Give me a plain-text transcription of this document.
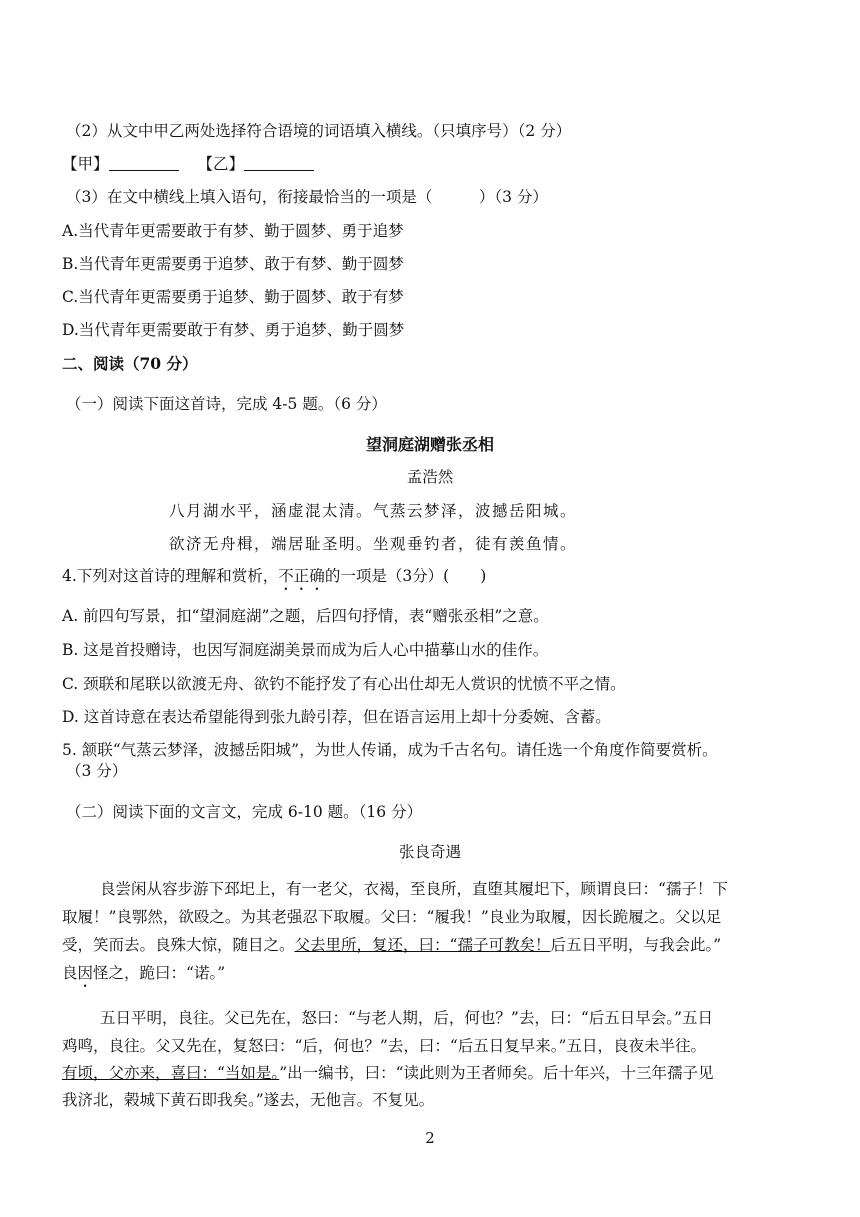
（2）从文中甲乙两处选择符合语境的词语填入横线。（只填序号）（2 分）
【甲】	【乙】
（3）在文中横线上填入语句，衔接最恰当的一项是（　　　）（3 分）
A.当代青年更需要敢于有梦、勤于圆梦、勇于追梦
B.当代青年更需要勇于追梦、敢于有梦、勤于圆梦
C.当代青年更需要勇于追梦、勤于圆梦、敢于有梦
D.当代青年更需要敢于有梦、勇于追梦、勤于圆梦
二、阅读（70 分）
（一）阅读下面这首诗，完成 4-5 题。（6 分）
望洞庭湖赠张丞相
孟浩然
八月湖水平，涵虚混太清。气蒸云梦泽，波撼岳阳城。
欲济无舟楫，端居耻圣明。坐观垂钓者，徒有羡鱼情。
4.下列对这首诗的理解和赏析，不正确的一项是（3分）(　　)
A. 前四句写景，扣“望洞庭湖”之题，后四句抒情，表“赠张丞相”之意。
B. 这是首投赠诗，也因写洞庭湖美景而成为后人心中描摹山水的佳作。
C. 颈联和尾联以欲渡无舟、欲钓不能抒发了有心出仕却无人赏识的忧愤不平之情。
D. 这首诗意在表达希望能得到张九龄引荐，但在语言运用上却十分委婉、含蓄。
5. 颔联“气蒸云梦泽，波撼岳阳城”，为世人传诵，成为千古名句。请任选一个角度作简要赏析。
（3 分）
（二）阅读下面的文言文，完成 6-10 题。（16 分）
张良奇遇
良尝闲从容步游下邳圯上，有一老父，衣褐，至良所，直堕其履圯下，顾谓良曰：“孺子！下
取履！”良鄂然，欲殴之。为其老强忍下取履。父曰：“履我！”良业为取履，因长跪履之。父以足
受，笑而去。良殊大惊，随目之。父去里所，复还，曰：“孺子可教矣！后五日平明，与我会此。”
良因怪之，跪曰：“诺。”
五日平明，良往。父已先在，怒曰：“与老人期，后，何也？”去，曰：“后五日早会。”五日
鸡鸣，良往。父又先在，复怒曰：“后，何也？”去，曰：“后五日复早来。”五日，良夜未半往。
有顷，父亦来，喜曰：“当如是。”出一编书，曰：“读此则为王者师矣。后十年兴，十三年孺子见
我济北，榖城下黄石即我矣。”遂去，无他言。不复见。
2
